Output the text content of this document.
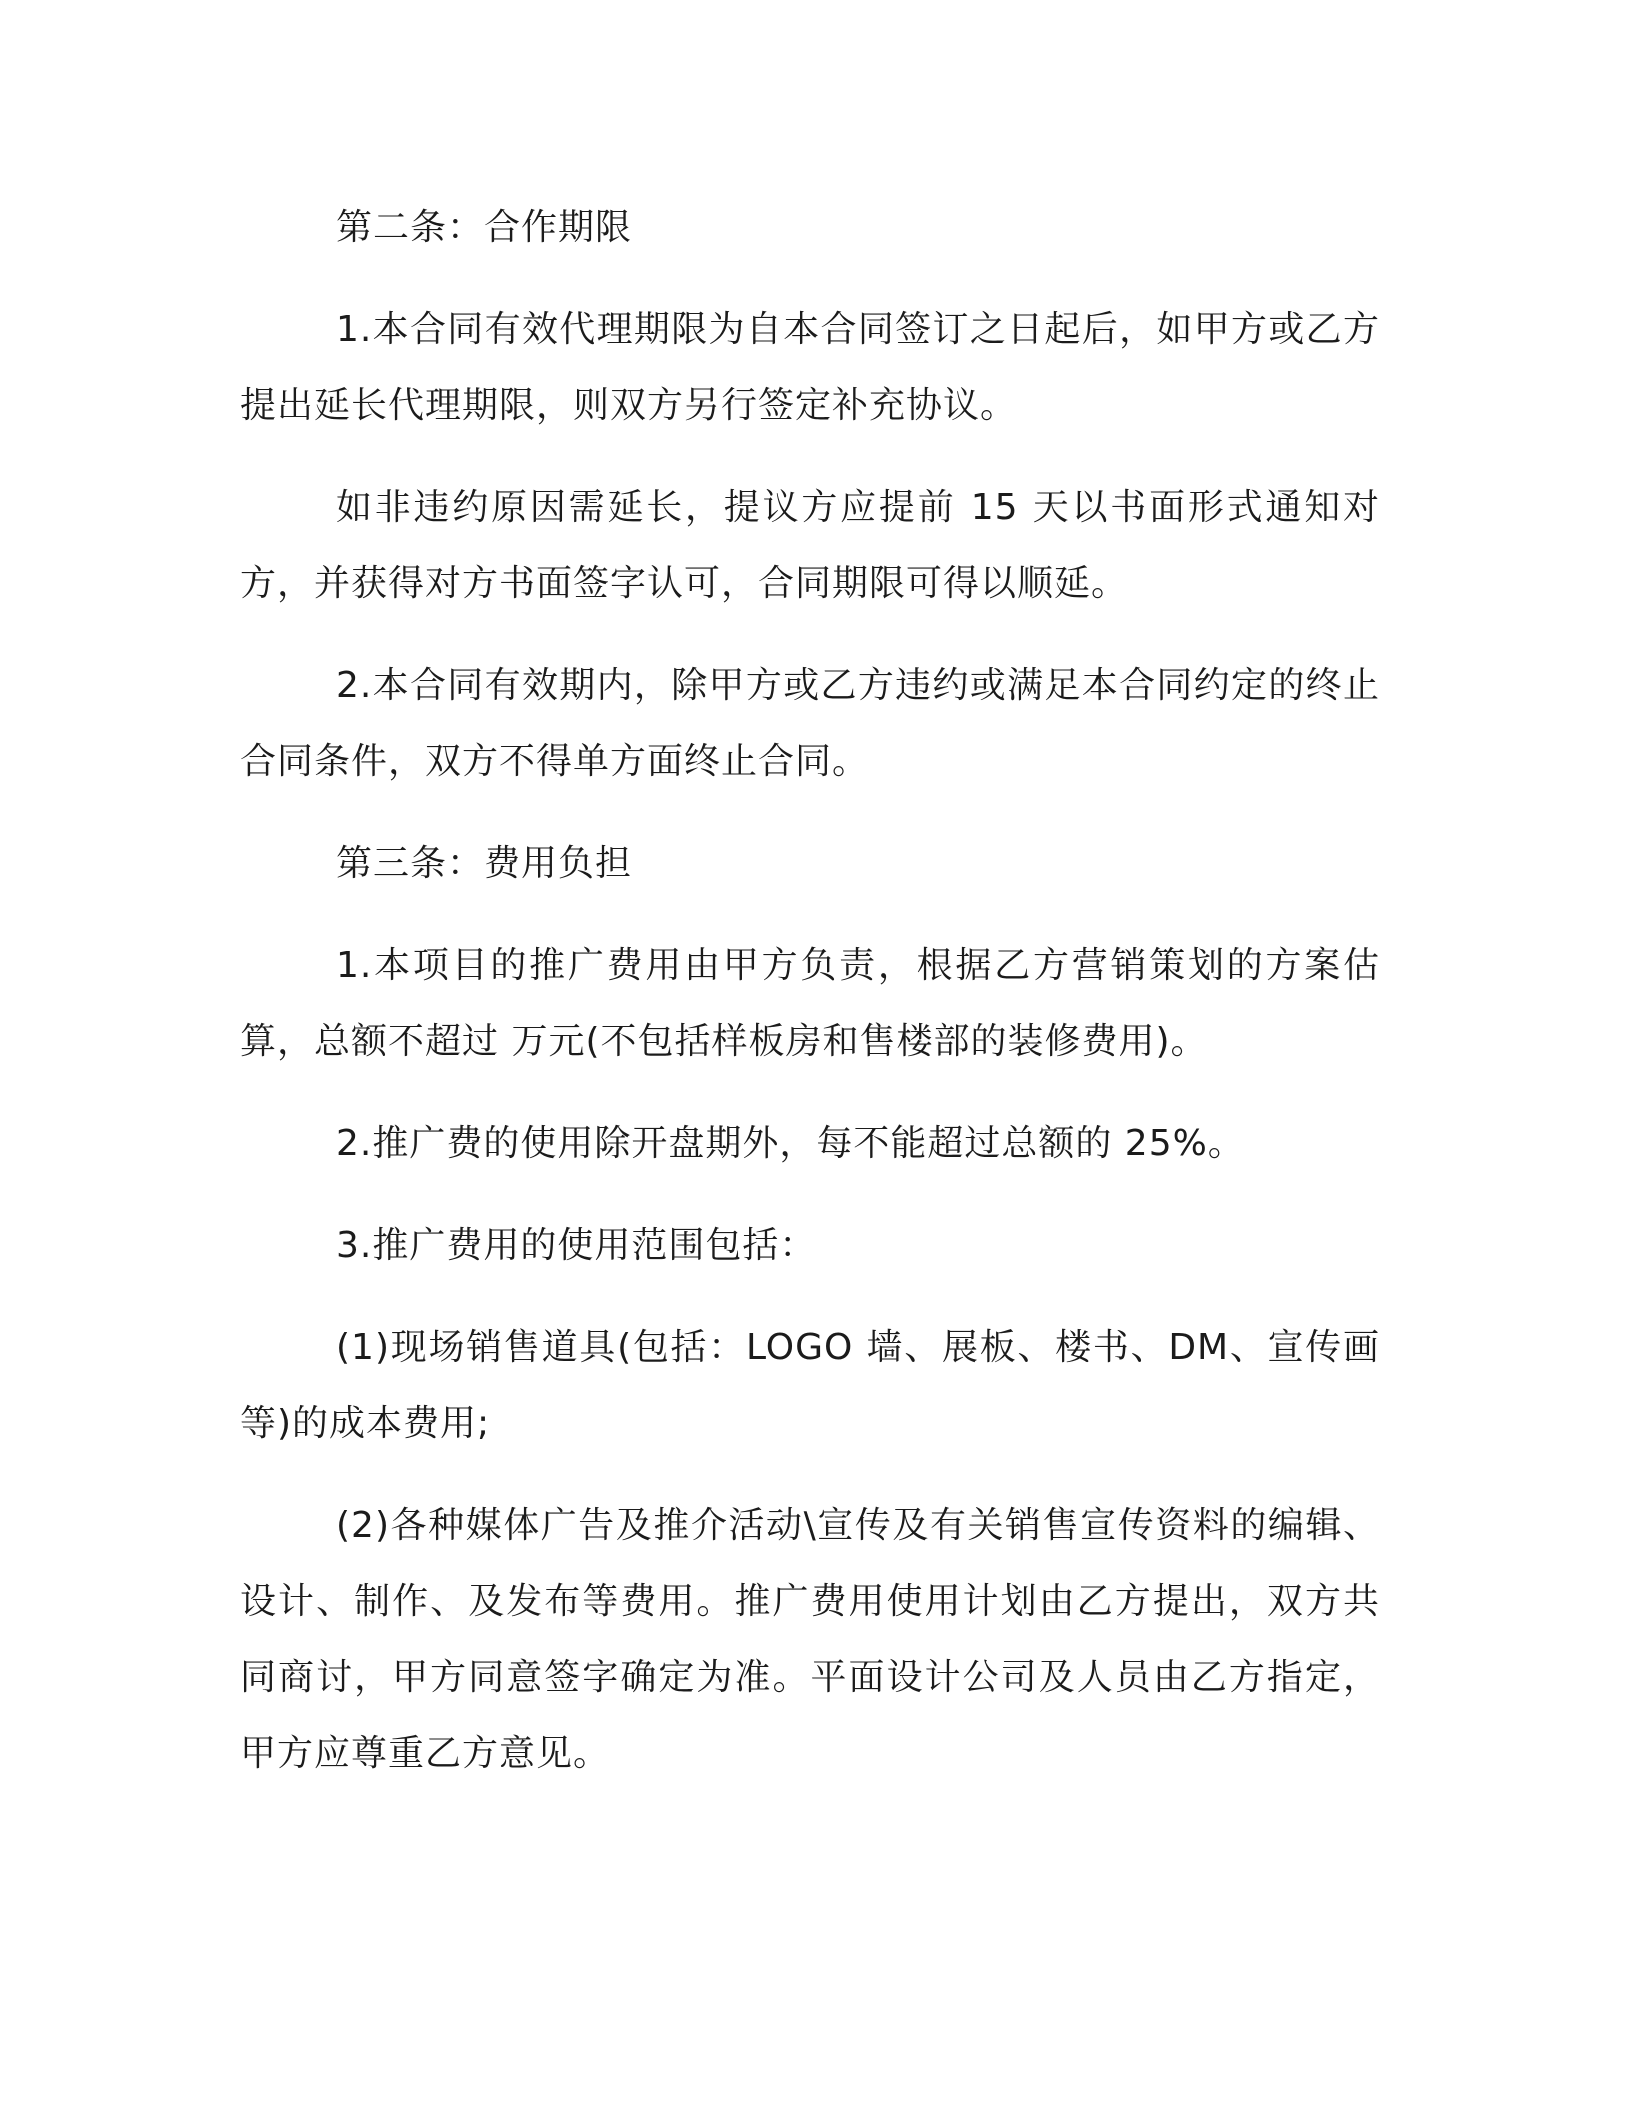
第二条：合作期限

1.本合同有效代理期限为自本合同签订之日起后，如甲方或乙方提出延长代理期限，则双方另行签定补充协议。

如非违约原因需延长，提议方应提前 15 天以书面形式通知对方，并获得对方书面签字认可，合同期限可得以顺延。

2.本合同有效期内，除甲方或乙方违约或满足本合同约定的终止合同条件，双方不得单方面终止合同。

第三条：费用负担

1.本项目的推广费用由甲方负责，根据乙方营销策划的方案估算，总额不超过 万元(不包括样板房和售楼部的装修费用)。

2.推广费的使用除开盘期外，每不能超过总额的 25%。

3.推广费用的使用范围包括：

(1)现场销售道具(包括：LOGO 墙、展板、楼书、DM、宣传画等)的成本费用;

(2)各种媒体广告及推介活动\宣传及有关销售宣传资料的编辑、设计、制作、及发布等费用。推广费用使用计划由乙方提出，双方共同商讨，甲方同意签字确定为准。平面设计公司及人员由乙方指定，甲方应尊重乙方意见。
